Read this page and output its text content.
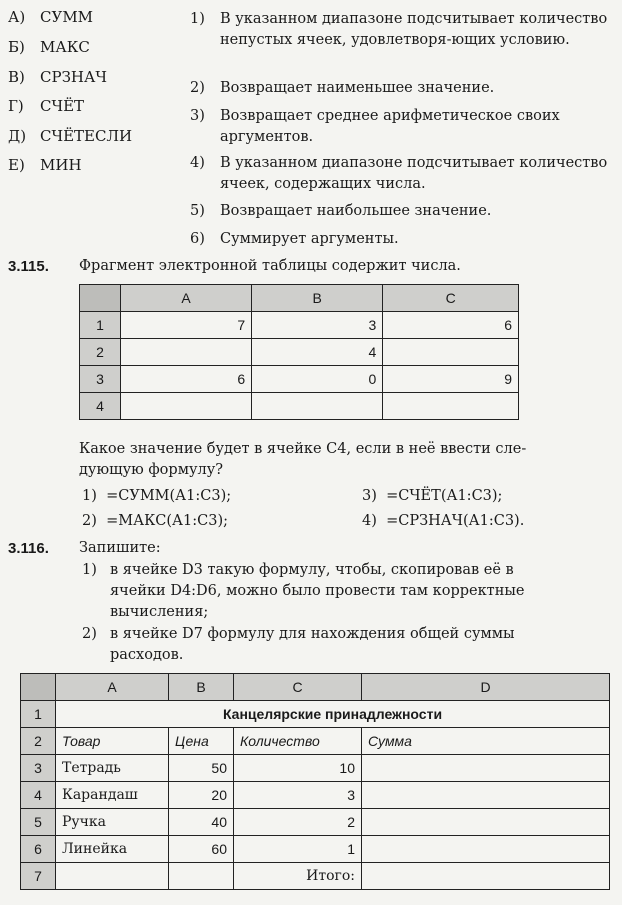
А) СУММ
Б) МАКС
В) СРЗНАЧ
Г) СЧЁТ
Д) СЧЁТЕСЛИ
Е) МИН
1) В указанном диапазоне подсчитывает количество непустых ячеек, удовлетворя-ющих условию.
2) Возвращает наименьшее значение.
3) Возвращает среднее арифметическое своих аргументов.
4) В указанном диапазоне подсчитывает количество ячеек, содержащих числа.
5) Возвращает наибольшее значение.
6) Суммирует аргументы.
3.115. Фрагмент электронной таблицы содержит числа.
	A	B	C
1	7	3	6
2		4	
3	6	0	9
4			
Какое значение будет в ячейке С4, если в неё ввести сле-
дующую формулу?
1) =СУММ(А1:С3);
2) =МАКС(А1:С3);
3) =СЧЁТ(А1:С3);
4) =СРЗНАЧ(А1:С3).
3.116. Запишите:
1) в ячейке D3 такую формулу, чтобы, скопировав её в
ячейки D4:D6, можно было провести там корректные
вычисления;
2) в ячейке D7 формулу для нахождения общей суммы
расходов.
	A	B	C	D
1	Канцелярские принадлежности			
2	Товар	Цена	Количество	Сумма
3	Тетрадь	50	10	
4	Карандаш	20	3	
5	Ручка	40	2	
6	Линейка	60	1	
7			Итого:	
